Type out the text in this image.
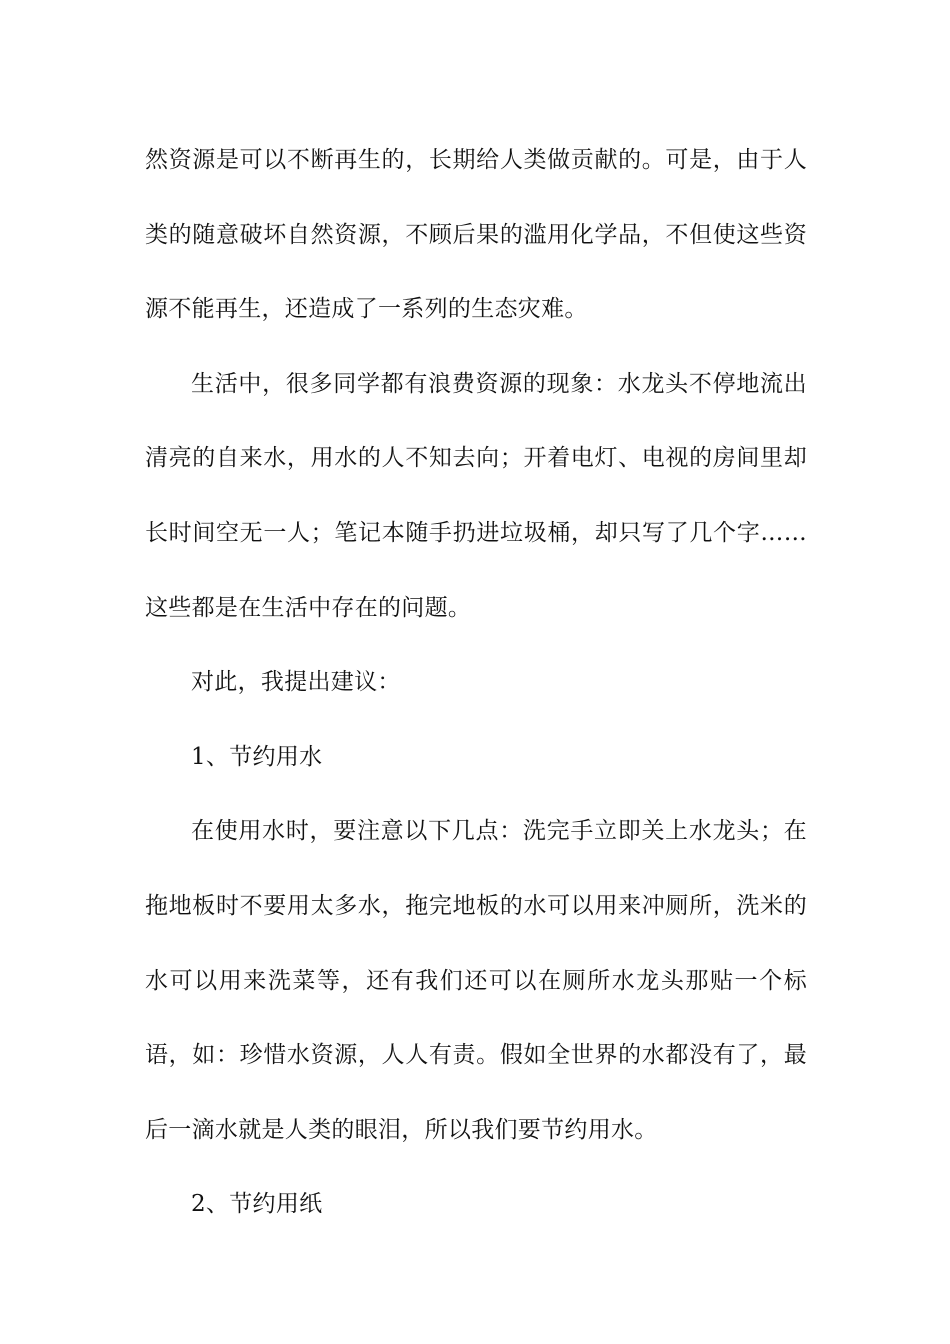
然资源是可以不断再生的，长期给人类做贡献的。可是，由于人类的随意破坏自然资源，不顾后果的滥用化学品，不但使这些资源不能再生，还造成了一系列的生态灾难。

生活中，很多同学都有浪费资源的现象：水龙头不停地流出清亮的自来水，用水的人不知去向；开着电灯、电视的房间里却长时间空无一人；笔记本随手扔进垃圾桶，却只写了几个字……这些都是在生活中存在的问题。

对此，我提出建议：

1、节约用水

在使用水时，要注意以下几点：洗完手立即关上水龙头；在拖地板时不要用太多水，拖完地板的水可以用来冲厕所，洗米的水可以用来洗菜等，还有我们还可以在厕所水龙头那贴一个标语，如：珍惜水资源，人人有责。假如全世界的水都没有了，最后一滴水就是人类的眼泪，所以我们要节约用水。

2、节约用纸
